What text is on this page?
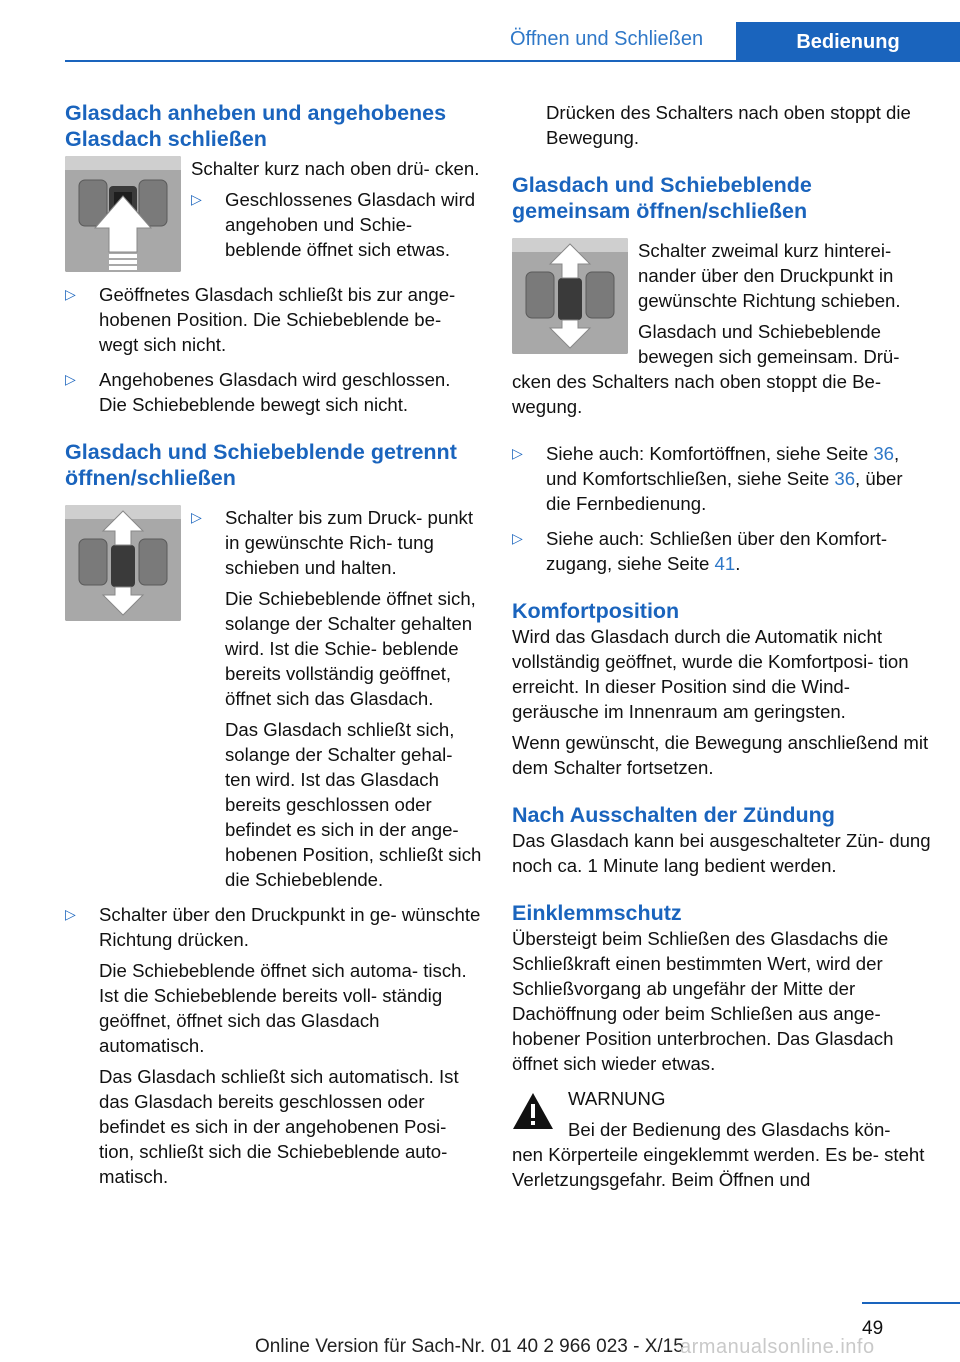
Öffnen und Schließen	Bedienung
Glasdach anheben und angehobenes Glasdach schließen

Schalter kurz nach oben drü‐ cken.

▷	Geschlossenes Glasdach wird angehoben und Schie‐ beblende öffnet sich etwas.
▷	Geöffnetes Glasdach schließt bis zur ange‐ hobenen Position. Die Schiebeblende be‐ wegt sich nicht.
▷	Angehobenes Glasdach wird geschlossen. Die Schiebeblende bewegt sich nicht.
Glasdach und Schiebeblende getrennt öffnen/schließen
▷	Schalter bis zum Druck‐ punkt in gewünschte Rich‐ tung schieben und halten.

Die Schiebeblende öffnet sich, solange der Schalter gehalten wird. Ist die Schie‐ beblende bereits vollständig geöffnet, öffnet sich das Glasdach.

Das Glasdach schließt sich, solange der Schalter gehal‐ ten wird. Ist das Glasdach bereits geschlossen oder befindet es sich in der ange‐ hobenen Position, schließt sich die Schiebeblende.

▷	Schalter über den Druckpunkt in ge‐ wünschte Richtung drücken.

Die Schiebeblende öffnet sich automa‐ tisch. Ist die Schiebeblende bereits voll‐ ständig geöffnet, öffnet sich das Glasdach automatisch.

Das Glasdach schließt sich automatisch. Ist das Glasdach bereits geschlossen oder befindet es sich in der angehobenen Posi‐ tion, schließt sich die Schiebeblende auto‐ matisch.

Drücken des Schalters nach oben stoppt die Bewegung.

Glasdach und Schiebeblende gemeinsam öffnen/schließen

Schalter zweimal kurz hinterei‐ nander über den Druckpunkt in gewünschte Richtung schieben.

Glasdach und Schiebeblende bewegen sich gemeinsam. Drü‐

cken des Schalters nach oben stoppt die Be‐ wegung.

▷	Siehe auch: Komfortöffnen, siehe Seite 36, und Komfortschließen, siehe Seite 36, über die Fernbedienung.
▷	Siehe auch: Schließen über den Komfort‐ zugang, siehe Seite 41.
Komfortposition

Wird das Glasdach durch die Automatik nicht vollständig geöffnet, wurde die Komfortposi‐ tion erreicht. In dieser Position sind die Wind‐ geräusche im Innenraum am geringsten.

Wenn gewünscht, die Bewegung anschließend mit dem Schalter fortsetzen.

Nach Ausschalten der Zündung

Das Glasdach kann bei ausgeschalteter Zün‐ dung noch ca. 1 Minute lang bedient werden.

Einklemmschutz

Übersteigt beim Schließen des Glasdachs die Schließkraft einen bestimmten Wert, wird der Schließvorgang ab ungefähr der Mitte der Dachöffnung oder beim Schließen aus ange‐ hobener Position unterbrochen. Das Glasdach öffnet sich wieder etwas.

WARNUNG

Bei der Bedienung des Glasdachs kön‐

nen Körperteile eingeklemmt werden. Es be‐ steht Verletzungsgefahr. Beim Öffnen und

49
Online Version für Sach-Nr. 01 40 2 966 023 - X/15
armanualsonline.info
